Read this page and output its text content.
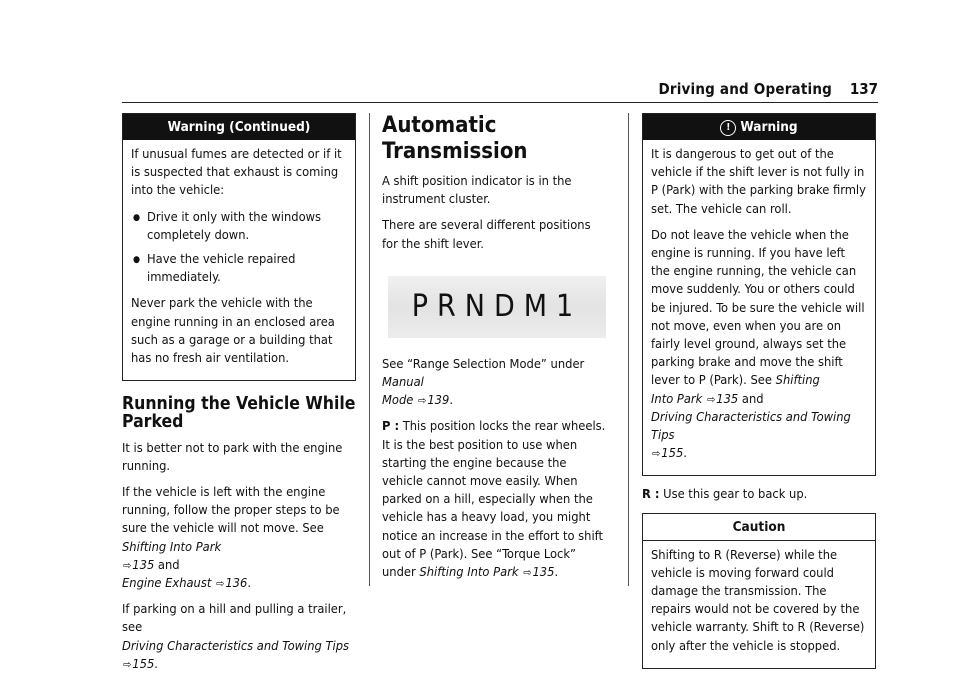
Driving and Operating 137
Warning (Continued)

If unusual fumes are detected or if it is suspected that exhaust is coming into the vehicle:

● Drive it only with the windows completely down.
● Have the vehicle repaired immediately.

Never park the vehicle with the engine running in an enclosed area such as a garage or a building that has no fresh air ventilation.

Running the Vehicle While Parked

It is better not to park with the engine running.

If the vehicle is left with the engine running, follow the proper steps to be sure the vehicle will not move. See Shifting Into Park
⇨135 and
Engine Exhaust ⇨136.

If parking on a hill and pulling a trailer, see
Driving Characteristics and Towing Tips
⇨155.

Automatic Transmission

A shift position indicator is in the instrument cluster.

There are several different positions for the shift lever.

PRNDM1

See “Range Selection Mode” under Manual
Mode ⇨139.

P : This position locks the rear wheels. It is the best position to use when starting the engine because the vehicle cannot move easily. When parked on a hill, especially when the vehicle has a heavy load, you might notice an increase in the effort to shift out of P (Park). See “Torque Lock” under Shifting Into Park ⇨135.

! Warning

It is dangerous to get out of the vehicle if the shift lever is not fully in P (Park) with the parking brake firmly set. The vehicle can roll.

Do not leave the vehicle when the engine is running. If you have left the engine running, the vehicle can move suddenly. You or others could be injured. To be sure the vehicle will not move, even when you are on fairly level ground, always set the parking brake and move the shift lever to P (Park). See Shifting
Into Park ⇨135 and
Driving Characteristics and Towing Tips
⇨155.

R : Use this gear to back up.

Caution

Shifting to R (Reverse) while the vehicle is moving forward could damage the transmission. The repairs would not be covered by the vehicle warranty. Shift to R (Reverse) only after the vehicle is stopped.
